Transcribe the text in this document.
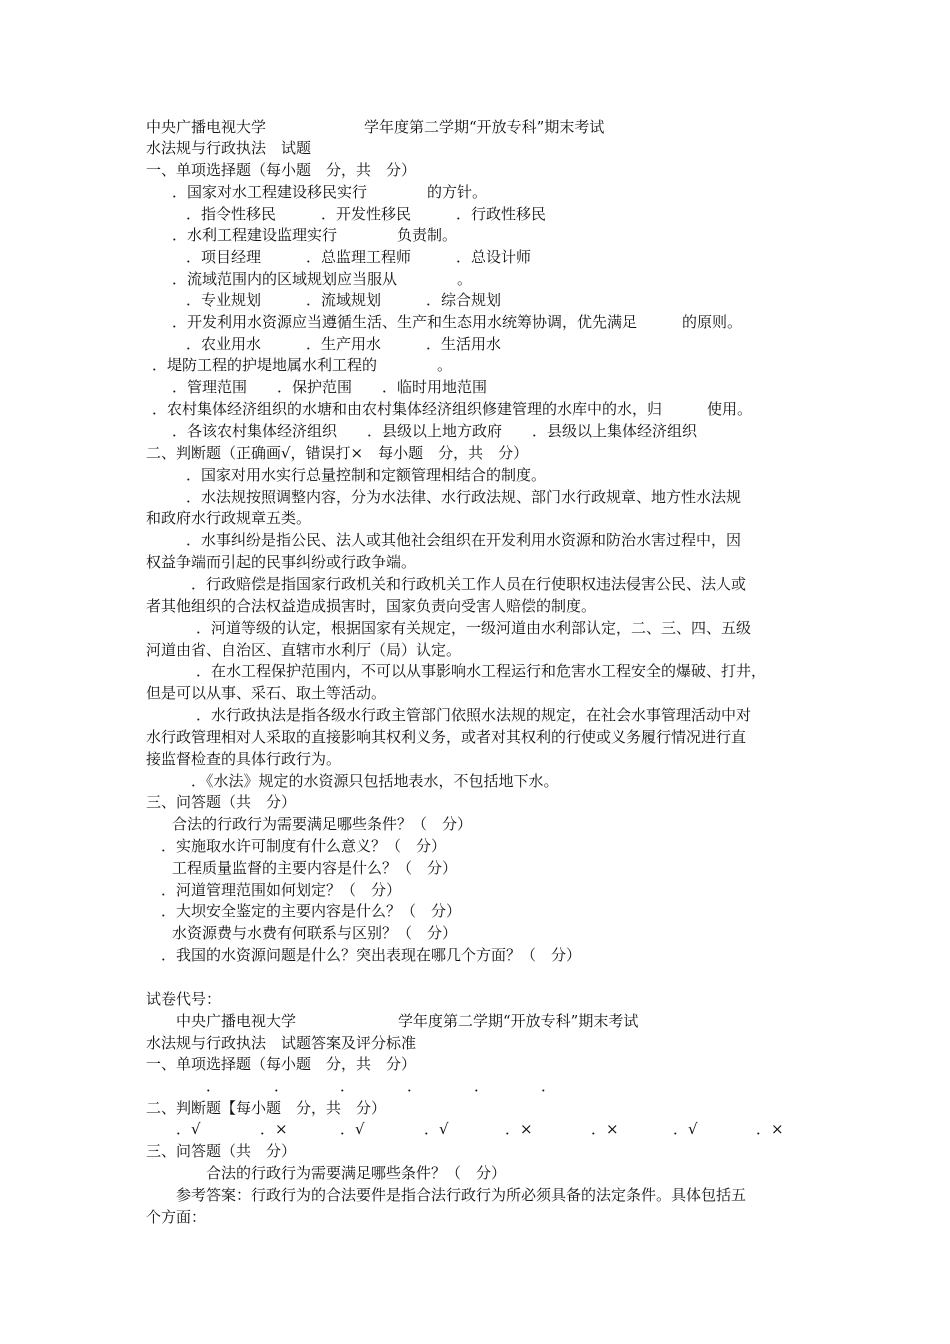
中央广播电视大学	学年度第二学期“开放专科”期末考试
水法规与行政执法　试题
一、单项选择题（每小题　分，共　分）
．国家对水工程建设移民实行　　　　的方针。
．指令性移民　　　．开发性移民　　　．行政性移民
．水利工程建设监理实行　　　　负责制。
．项目经理　　　．总监理工程师　　　．总设计师
．流域范围内的区域规划应当服从　　　　。
．专业规划　　　．流域规划　　　．综合规划
．开发利用水资源应当遵循生活、生产和生态用水统筹协调，优先满足　　　的原则。
．农业用水　　　．生产用水　　　．生活用水
．堤防工程的护堤地属水利工程的　　　　。
．管理范围　　．保护范围　　．临时用地范围
．农村集体经济组织的水塘和由农村集体经济组织修建管理的水库中的水，归　　　使用。
．各该农村集体经济组织　　．县级以上地方政府　　．县级以上集体经济组织
二、判断题（正确画√，错误打×　每小题　分，共　分）
．国家对用水实行总量控制和定额管理相结合的制度。
．水法规按照调整内容，分为水法律、水行政法规、部门水行政规章、地方性水法规
和政府水行政规章五类。
．水事纠纷是指公民、法人或其他社会组织在开发利用水资源和防治水害过程中，因
权益争端而引起的民事纠纷或行政争端。
．行政赔偿是指国家行政机关和行政机关工作人员在行使职权违法侵害公民、法人或
者其他组织的合法权益造成损害时，国家负责向受害人赔偿的制度。
．河道等级的认定，根据国家有关规定，一级河道由水利部认定，二、三、四、五级
河道由省、自治区、直辖市水利厅（局）认定。
．在水工程保护范围内，不可以从事影响水工程运行和危害水工程安全的爆破、打井，
但是可以从事、采石、取土等活动。
．水行政执法是指各级水行政主管部门依照水法规的规定，在社会水事管理活动中对
水行政管理相对人采取的直接影响其权利义务，或者对其权利的行使或义务履行情况进行直
接监督检查的具体行政行为。
．《水法》规定的水资源只包括地表水，不包括地下水。
三、问答题（共　分）
合法的行政行为需要满足哪些条件？（　分）
．实施取水许可制度有什么意义？（　分）
工程质量监督的主要内容是什么？（　分）
．河道管理范围如何划定？（　分）
．大坝安全鉴定的主要内容是什么？（　分）
水资源费与水费有何联系与区别？（　分）
．我国的水资源问题是什么？突出表现在哪几个方面？（　分）
试卷代号：
中央广播电视大学	学年度第二学期“开放专科”期末考试
水法规与行政执法　试题答案及评分标准
一、单项选择题（每小题　分，共　分）
．	．	．	．	．	．
二、判断题【每小题　分，共　分）
．√	．×	．√	．√	．×	．×	．√	．×
三、问答题（共　分）
合法的行政行为需要满足哪些条件？（　分）
参考答案：行政行为的合法要件是指合法行政行为所必须具备的法定条件。具体包括五
个方面：
